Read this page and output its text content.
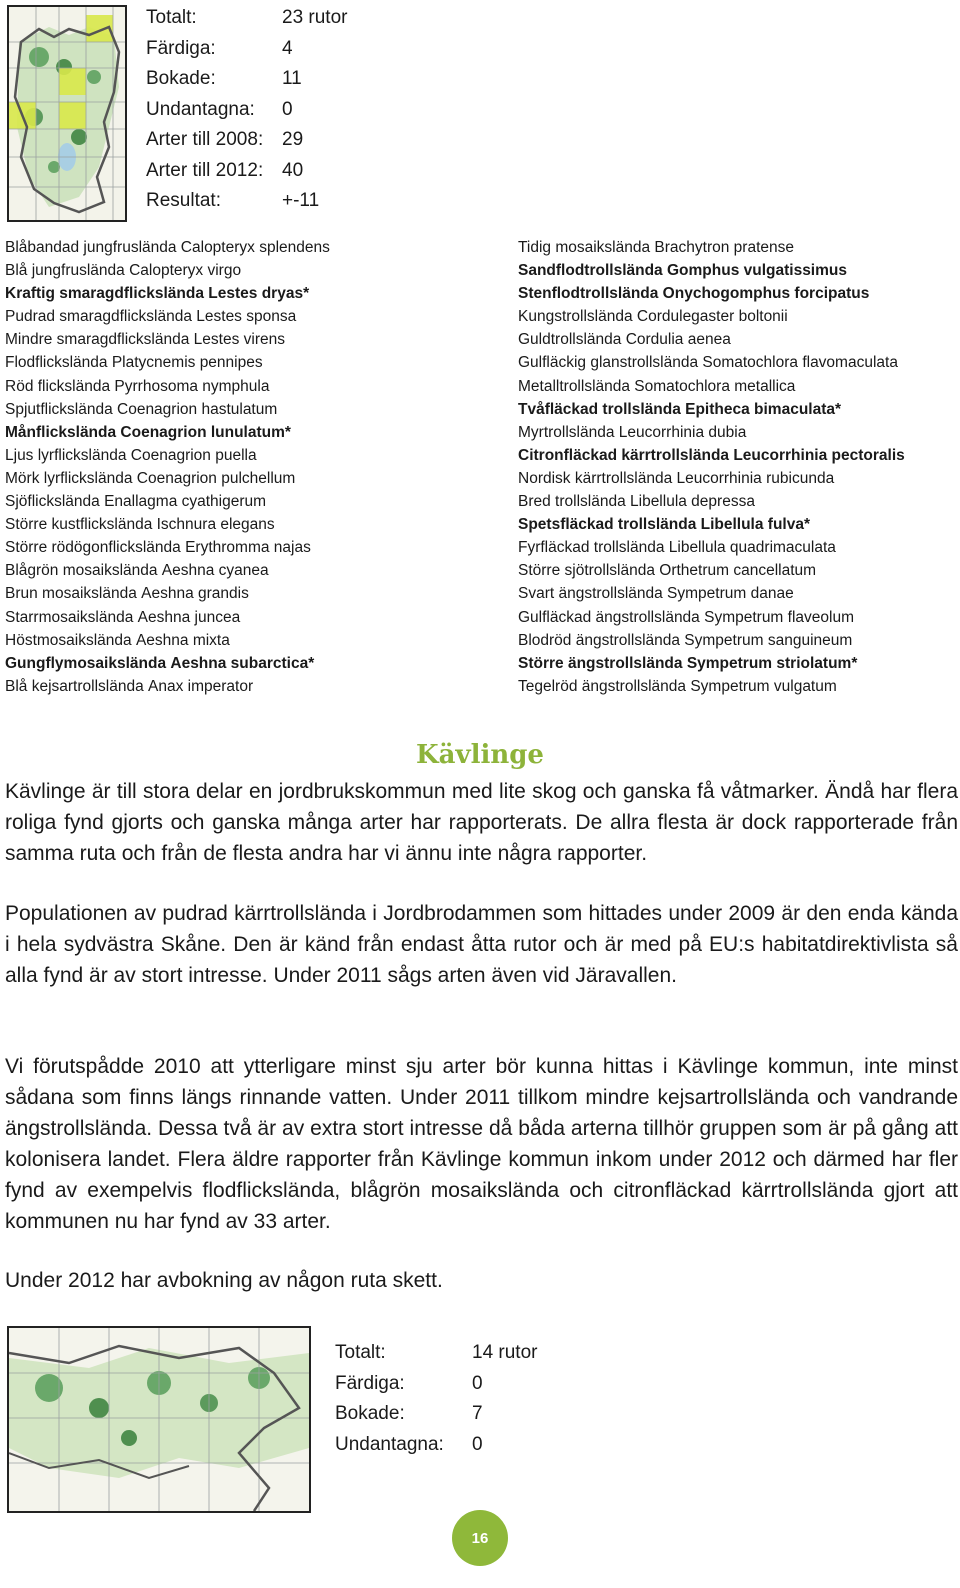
Totalt:	23 rutor
Färdiga:	4
Bokade:	11
Undantagna:	0
Arter till 2008: 29
Arter till 2012: 40
Resultat:	+-11
Blåbandad jungfrusländа Calopteryx splendens
Blå jungfrusländа Calopteryx virgo
Kraftig smaragdflicksländа Lestes dryas*
Pudrad smaragdflicksländа Lestes sponsa
Mindre smaragdflicksländа Lestes virens
Flodflicksländа Platycnemis pennipes
Röd flicksländа Pyrrhosoma nymphula
Spjutflicksländа Coenagrion hastulatum
Månflicksländа Coenagrion lunulatum*
Ljus lyrflicksländа Coenagrion puella
Mörk lyrflicksländа Coenagrion pulchellum
Sjöflicksländа Enallagma cyathigerum
Större kustflicksländа Ischnura elegans
Större rödögonflicksländа Erythromma najas
Blågrön mosaiksländа Aeshna cyanea
Brun mosaiksländа Aeshna grandis
Starrmosaiksländа Aeshna juncea
Höstmosaiksländа Aeshna mixta
Gungflymosaiksländа Aeshna subarctica*
Blå kejsartrollsländа Anax imperator
Tidig mosaiksländа Brachytron pratense
Sandflodtrollsländа Gomphus vulgatissimus
Stenflodtrollsländа Onychogomphus forcipatus
Kungstrollsländа Cordulegaster boltonii
Guldtrollsländа Cordulia aenea
Gulfläckig glanstrollsländа Somatochlora flavomaculata
Metalltrollsländа Somatochlora metallica
Tvåfläckad trollsländа Epitheca bimaculata*
Myrtrollsländа Leucorrhinia dubia
Citronfläckad kärrtrollsländа Leucorrhinia pectoralis
Nordisk kärrtrollsländа Leucorrhinia rubicunda
Bred trollsländа Libellula depressa
Spetsfläckad trollsländа Libellula fulva*
Fyrfläckad trollsländа Libellula quadrimaculata
Större sjötrollsländа Orthetrum cancellatum
Svart ängstrollsländа Sympetrum danae
Gulfläckad ängstrollsländа Sympetrum flaveolum
Blodröd ängstrollsländа Sympetrum sanguineum
Större ängstrollsländа Sympetrum striolatum*
Tegelröd ängstrollsländа Sympetrum vulgatum
Kävlinge

Kävlinge är till stora delar en jordbrukskommun med lite skog och ganska få våtmarker. Ändå har flera roliga fynd gjorts och ganska många arter har rapporterats. De allra flesta är dock rapporterade från samma ruta och från de flesta andra har vi ännu inte några rapporter.

Populationen av pudrad kärrtrollsländа i Jordbrodammen som hittades under 2009 är den enda kända i hela sydvästra Skåne. Den är känd från endast åtta rutor och är med på EU:s habitatdirektivlista så alla fynd är av stort intresse. Under 2011 sågs arten även vid Järavallen.

Vi förutspådde 2010 att ytterligare minst sju arter bör kunna hittas i Kävlinge kommun, inte minst sådana som finns längs rinnande vatten. Under 2011 tillkom mindre kejsartrollsländа och vandrande ängstrollsländа. Dessa två är av extra stort intresse då båda arterna tillhör gruppen som är på gång att kolonisera landet. Flera äldre rapporter från Kävlinge kommun inkom under 2012 och därmed har fler fynd av exempelvis flodflicksländа, blågrön mosaiksländа och citronfläckad kärrtrollsländа gjort att kommunen nu har fynd av 33 arter.

Under 2012 har avbokning av någon ruta skett.

Totalt:	14 rutor
Färdiga:	0
Bokade:	7
Undantagna:	0
16
